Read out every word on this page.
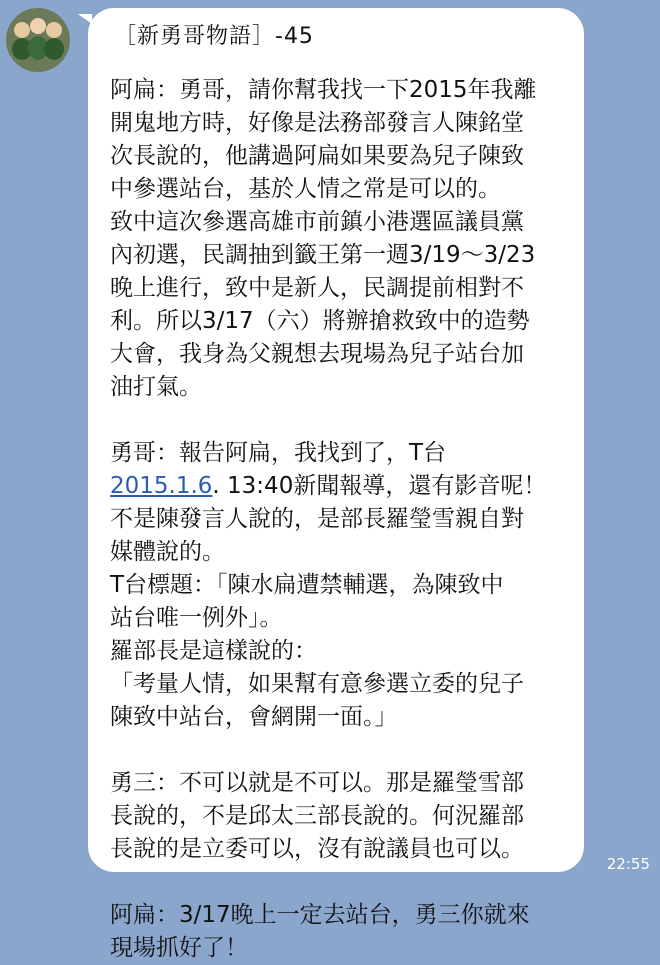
［新勇哥物語］-45
阿扁：勇哥，請你幫我找一下2015年我離
開鬼地方時，好像是法務部發言人陳銘堂
次長說的，他講過阿扁如果要為兒子陳致
中參選站台，基於人情之常是可以的。
致中這次參選高雄市前鎮小港選區議員黨
內初選，民調抽到籤王第一週3/19～3/23
晚上進行，致中是新人，民調提前相對不
利。所以3/17（六）將辦搶救致中的造勢
大會，我身為父親想去現場為兒子站台加
油打氣。
勇哥：報告阿扁，我找到了，T台
2015.1.6. 13:40新聞報導，還有影音呢！
不是陳發言人說的，是部長羅瑩雪親自對
媒體說的。
T台標題：「陳水扁遭禁輔選，為陳致中
站台唯一例外」。
羅部長是這樣說的：
「考量人情，如果幫有意參選立委的兒子
陳致中站台，會網開一面。」
勇三：不可以就是不可以。那是羅瑩雪部
長說的，不是邱太三部長說的。何況羅部
長說的是立委可以，沒有說議員也可以。
阿扁：3/17晚上一定去站台，勇三你就來
現場抓好了！
22:55
